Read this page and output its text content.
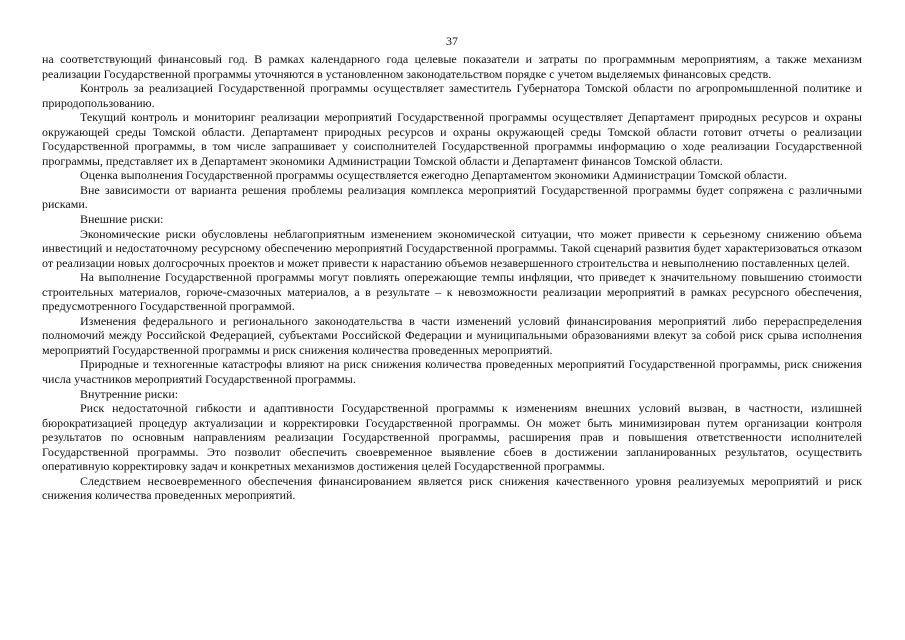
37

на соответствующий финансовый год. В рамках календарного года целевые показатели и затраты по программным мероприятиям, а также механизм реализации Государственной программы уточняются в установленном законодательством порядке с учетом выделяемых финансовых средств.

Контроль за реализацией Государственной программы осуществляет заместитель Губернатора Томской области по агропромышленной политике и природопользованию.

Текущий контроль и мониторинг реализации мероприятий Государственной программы осуществляет Департамент природных ресурсов и охраны окружающей среды Томской области. Департамент природных ресурсов и охраны окружающей среды Томской области готовит отчеты о реализации Государственной программы, в том числе запрашивает у соисполнителей Государственной программы информацию о ходе реализации Государственной программы, представляет их в Департамент экономики Администрации Томской области и Департамент финансов Томской области.

Оценка выполнения Государственной программы осуществляется ежегодно Департаментом экономики Администрации Томской области.

Вне зависимости от варианта решения проблемы реализация комплекса мероприятий Государственной программы будет сопряжена с различными рисками.

Внешние риски:

Экономические риски обусловлены неблагоприятным изменением экономической ситуации, что может привести к серьезному снижению объема инвестиций и недостаточному ресурсному обеспечению мероприятий Государственной программы. Такой сценарий развития будет характеризоваться отказом от реализации новых долгосрочных проектов и может привести к нарастанию объемов незавершенного строительства и невыполнению поставленных целей.

На выполнение Государственной программы могут повлиять опережающие темпы инфляции, что приведет к значительному повышению стоимости строительных материалов, горюче-смазочных материалов, а в результате – к невозможности реализации мероприятий в рамках ресурсного обеспечения, предусмотренного Государственной программой.

Изменения федерального и регионального законодательства в части изменений условий финансирования мероприятий либо перераспределения полномочий между Российской Федерацией, субъектами Российской Федерации и муниципальными образованиями влекут за собой риск срыва исполнения мероприятий Государственной программы и риск снижения количества проведенных мероприятий.

Природные и техногенные катастрофы влияют на риск снижения количества проведенных мероприятий Государственной программы, риск снижения числа участников мероприятий Государственной программы.

Внутренние риски:

Риск недостаточной гибкости и адаптивности Государственной программы к изменениям внешних условий вызван, в частности, излишней бюрократизацией процедур актуализации и корректировки Государственной программы. Он может быть минимизирован путем организации контроля результатов по основным направлениям реализации Государственной программы, расширения прав и повышения ответственности исполнителей Государственной программы. Это позволит обеспечить своевременное выявление сбоев в достижении запланированных результатов, осуществить оперативную корректировку задач и конкретных механизмов достижения целей Государственной программы.

Следствием несвоевременного обеспечения финансированием является риск снижения качественного уровня реализуемых мероприятий и риск снижения количества проведенных мероприятий.
